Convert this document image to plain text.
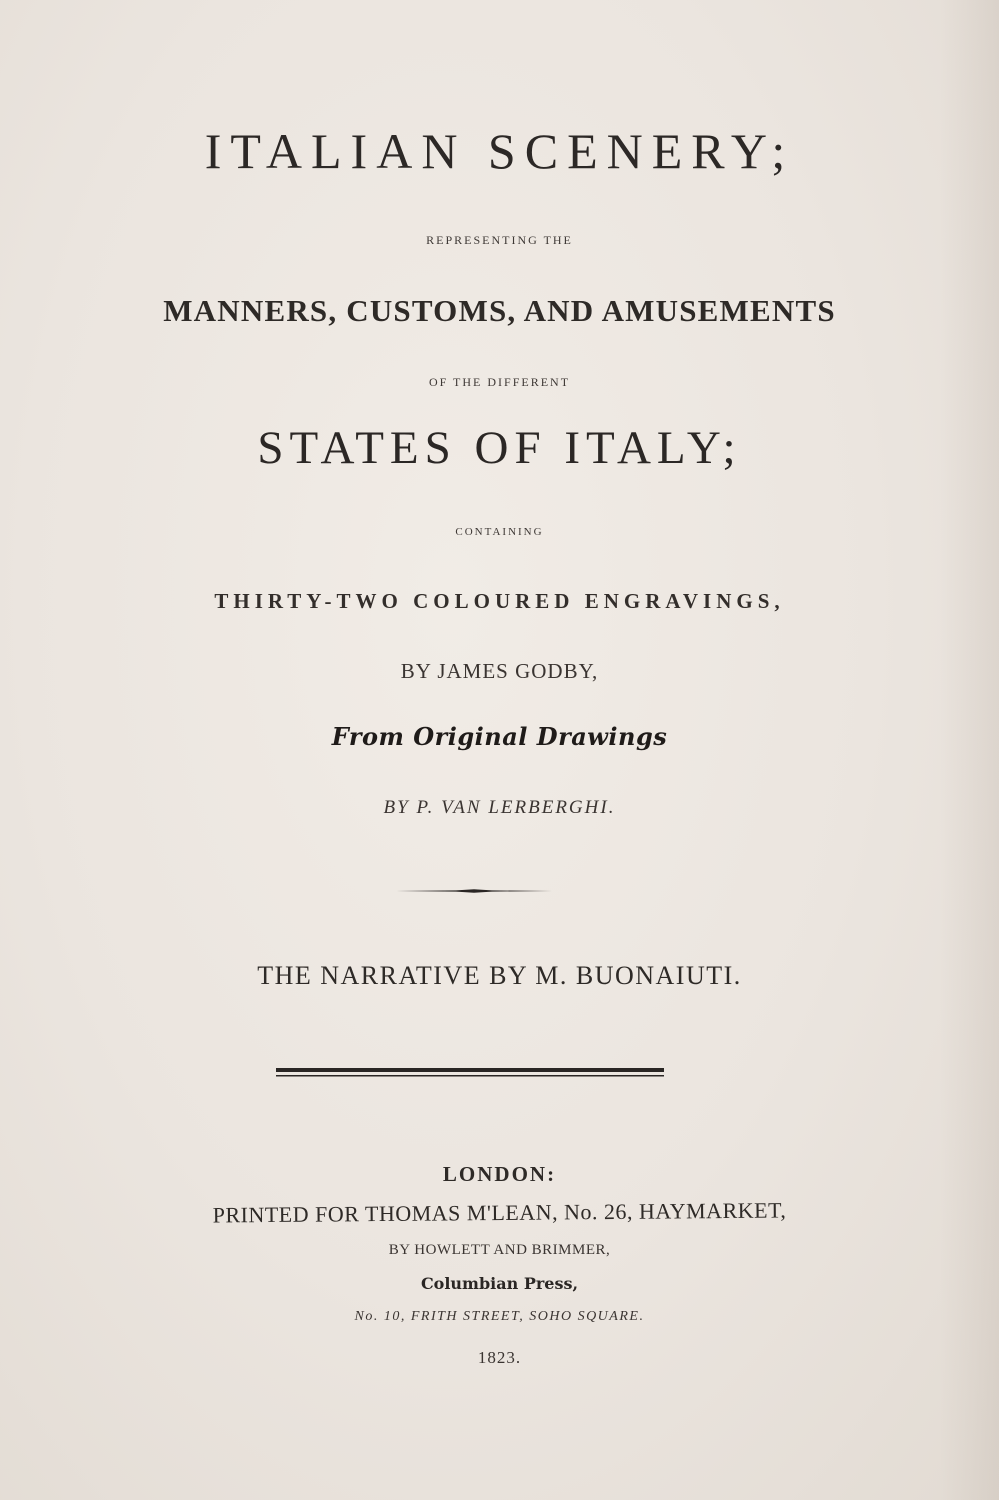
ITALIAN SCENERY;
REPRESENTING THE
MANNERS, CUSTOMS, AND AMUSEMENTS
OF THE DIFFERENT
STATES OF ITALY;
CONTAINING
THIRTY-TWO COLOURED ENGRAVINGS,
BY JAMES GODBY,
From Original Drawings
BY P. VAN LERBERGHI.
THE NARRATIVE BY M. BUONAIUTI.
LONDON:
PRINTED FOR THOMAS M'LEAN, No. 26, HAYMARKET,
BY HOWLETT AND BRIMMER,
Columbian Press,
No. 10, FRITH STREET, SOHO SQUARE.
1823.
